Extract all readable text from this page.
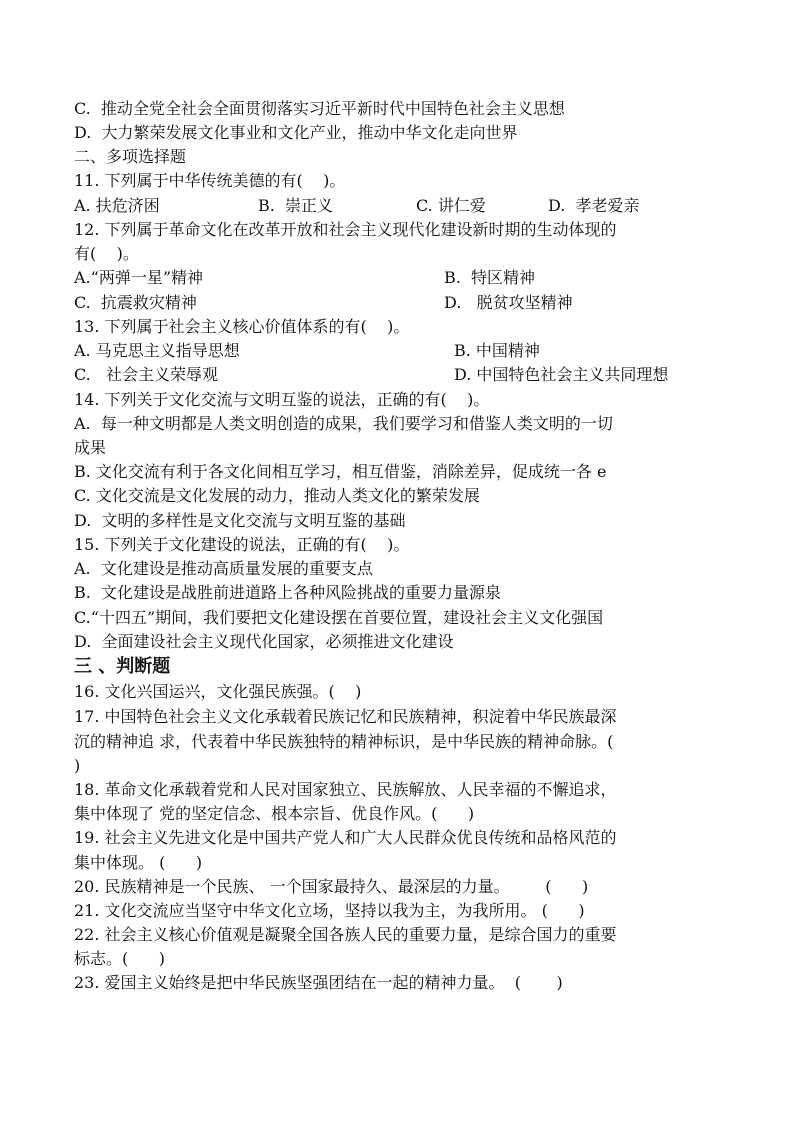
C.  推动全党全社会全面贯彻落实习近平新时代中国特色社会主义思想
D.  大力繁荣发展文化事业和文化产业，推动中华文化走向世界
二、多项选择题
11. 下列属于中华传统美德的有(    )。
A. 扶危济困	B.  崇正义	C. 讲仁爱	D.  孝老爱亲
12. 下列属于革命文化在改革开放和社会主义现代化建设新时期的生动体现的
有(    )。
A.“两弹一星”精神	B.  特区精神
C.  抗震救灾精神	D.   脱贫攻坚精神
13. 下列属于社会主义核心价值体系的有(    )。
A. 马克思主义指导思想	B. 中国精神
C.   社会主义荣辱观	D. 中国特色社会主义共同理想
14. 下列关于文化交流与文明互鉴的说法，正确的有(    )。
A.  每一种文明都是人类文明创造的成果，我们要学习和借鉴人类文明的一切
成果
B. 文化交流有利于各文化间相互学习，相互借鉴，消除差异，促成统一各 e
C. 文化交流是文化发展的动力，推动人类文化的繁荣发展
D.  文明的多样性是文化交流与文明互鉴的基础
15. 下列关于文化建设的说法，正确的有(    )。
A.  文化建设是推动高质量发展的重要支点
B.  文化建设是战胜前进道路上各种风险挑战的重要力量源泉
C.“十四五”期间，我们要把文化建设摆在首要位置，建设社会主义文化强国
D.  全面建设社会主义现代化国家，必须推进文化建设
三 、判断题
16. 文化兴国运兴，文化强民族强。(    )
17. 中国特色社会主义文化承载着民族记忆和民族精神，积淀着中华民族最深
沉的精神追 求，代表着中华民族独特的精神标识，是中华民族的精神命脉。(
)
18. 革命文化承载着党和人民对国家独立、民族解放、人民幸福的不懈追求，
集中体现了 党的坚定信念、根本宗旨、优良作风。(      )
19. 社会主义先进文化是中国共产党人和广大人民群众优良传统和品格风范的
集中体现。 (      )
20. 民族精神是一个民族、 一个国家最持久、最深层的力量。       (      )
21. 文化交流应当坚守中华文化立场，坚持以我为主，为我所用。 (      )
22. 社会主义核心价值观是凝聚全国各族人民的重要力量，是综合国力的重要
标志。(      )
23. 爱国主义始终是把中华民族坚强团结在一起的精神力量。  (       )
